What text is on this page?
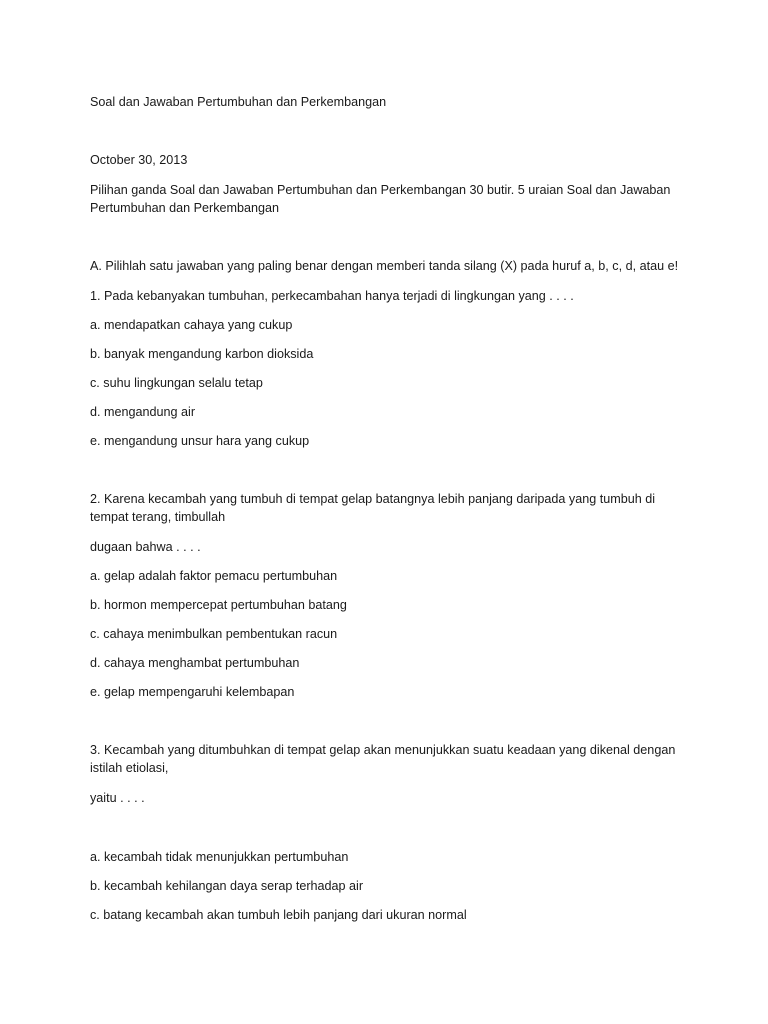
Soal dan Jawaban Pertumbuhan dan Perkembangan
October 30, 2013
Pilihan ganda Soal dan Jawaban Pertumbuhan dan Perkembangan 30 butir. 5 uraian Soal dan Jawaban
Pertumbuhan dan Perkembangan
A. Pilihlah satu jawaban yang paling benar dengan memberi tanda silang (X) pada huruf a, b, c, d, atau e!
1. Pada kebanyakan tumbuhan, perkecambahan hanya terjadi di lingkungan yang . . . .
a. mendapatkan cahaya yang cukup
b. banyak mengandung karbon dioksida
c. suhu lingkungan selalu tetap
d. mengandung air
e. mengandung unsur hara yang cukup
2. Karena kecambah yang tumbuh di tempat gelap batangnya lebih panjang daripada yang tumbuh di
tempat terang, timbullah
dugaan bahwa . . . .
a. gelap adalah faktor pemacu pertumbuhan
b. hormon mempercepat pertumbuhan batang
c. cahaya menimbulkan pembentukan racun
d. cahaya menghambat pertumbuhan
e. gelap mempengaruhi kelembapan
3. Kecambah yang ditumbuhkan di tempat gelap akan menunjukkan suatu keadaan yang dikenal dengan
istilah etiolasi,
yaitu . . . .
a. kecambah tidak menunjukkan pertumbuhan
b. kecambah kehilangan daya serap terhadap air
c. batang kecambah akan tumbuh lebih panjang dari ukuran normal
